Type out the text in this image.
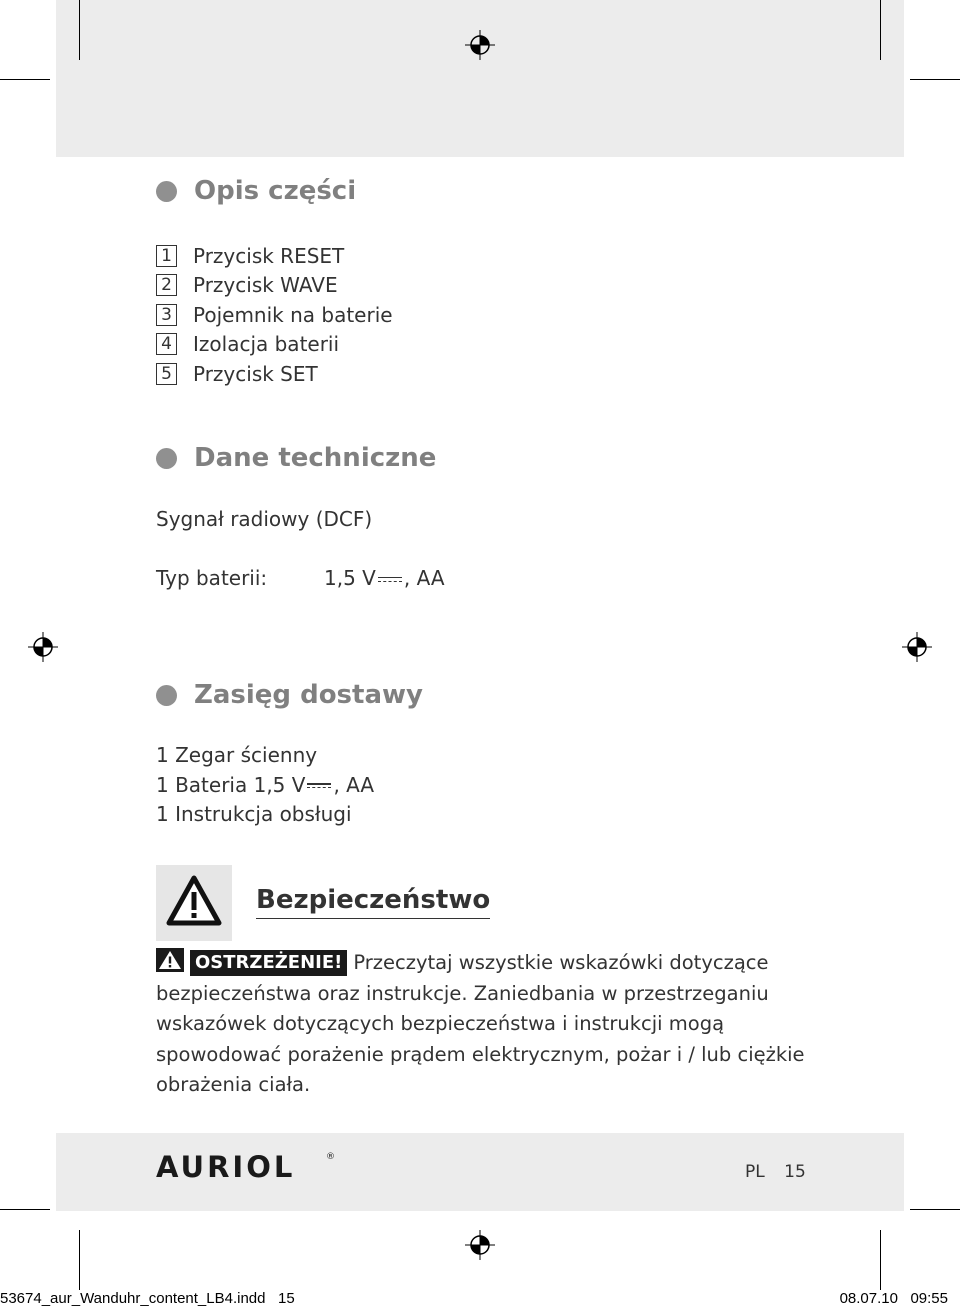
Opis części
1 Przycisk RESET
2 Przycisk WAVE
3 Pojemnik na baterie
4 Izolacja baterii
5 Przycisk SET
Dane techniczne
Sygnał radiowy (DCF)
Typ baterii:	1,5 V , AA
Zasięg dostawy
1 Zegar ścienny
1 Bateria 1,5 V , AA
1 Instrukcja obsługi
Bezpieczeństwo
OSTRZEŻENIE! Przeczytaj wszystkie wskazówki dotyczące bezpieczeństwa oraz instrukcje. Zaniedbania w przestrzeganiu wskazówek dotyczących bezpieczeństwa i instrukcji mogą spowodować porażenie prądem elektrycznym, pożar i / lub ciężkie obrażenia ciała.
AURIOL	®
PL 15
53674_aur_Wanduhr_content_LB4.indd   15	08.07.10   09:55
